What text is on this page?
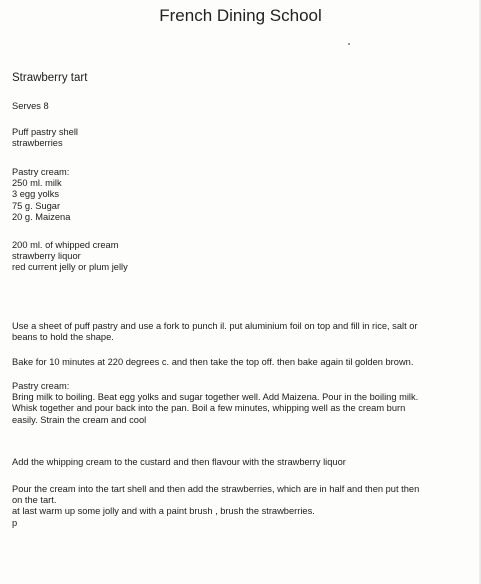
French Dining School
Strawberry tart
Serves 8
Puff pastry shell
strawberries
Pastry cream:
250 ml. milk
3 egg yolks
75 g. Sugar
20 g. Maizena
200 ml. of whipped cream
strawberry liquor
red current jelly or plum jelly
Use a sheet of puff pastry and use a fork to punch il. put aluminium foil on top and fill in rice, salt or
beans to hold the shape.
Bake for 10 minutes at 220 degrees c. and then take the top off. then bake again til golden brown.
Pastry cream:
Bring milk to boiling. Beat egg yolks and sugar together well. Add Maizena. Pour in the boiling milk.
Whisk together and pour back into the pan. Boil a few minutes, whipping well as the cream burn
easily. Strain the cream and cool
Add the whipping cream to the custard and then flavour with the strawberry liquor
Pour the cream into the tart shell and then add the strawberries, which are in half and then put then
on the tart.
at last warm up some jolly and with a paint brush , brush the strawberries.
p
